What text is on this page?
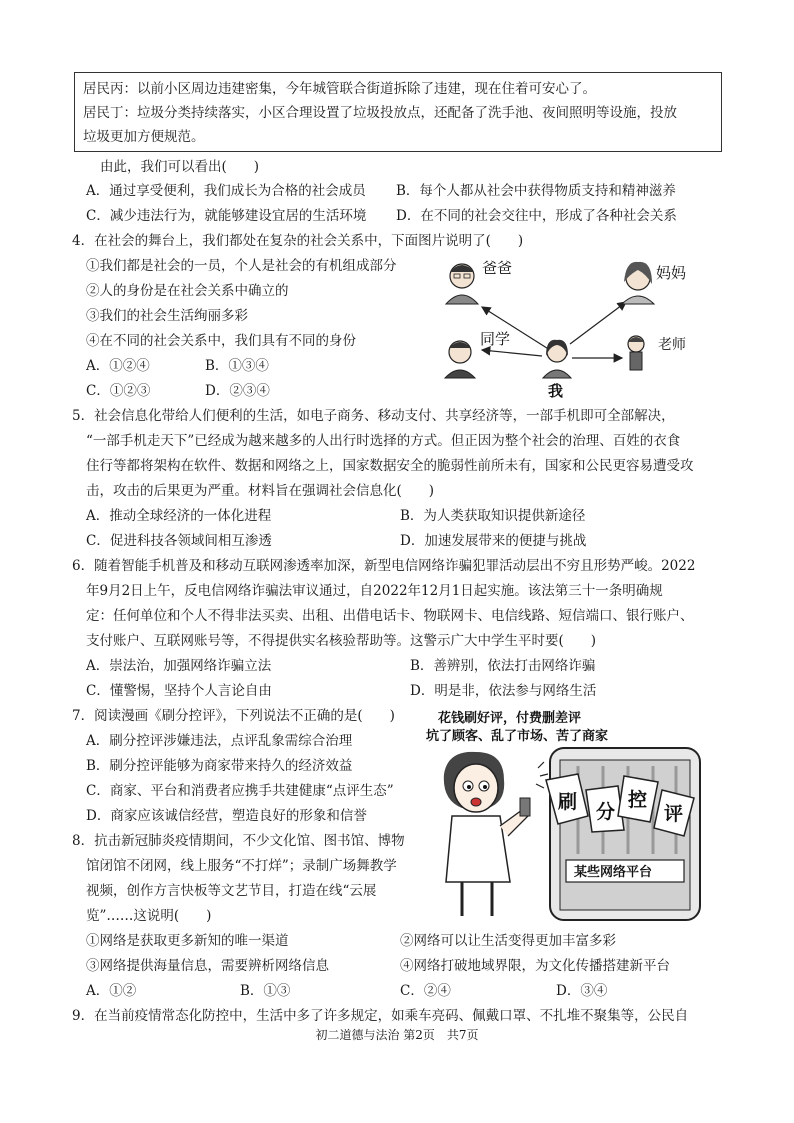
居民丙：以前小区周边违建密集，今年城管联合街道拆除了违建，现在住着可安心了。
居民丁：垃圾分类持续落实，小区合理设置了垃圾投放点，还配备了洗手池、夜间照明等设施，投放
垃圾更加方便规范。
由此，我们可以看出(　　)
A．通过享受便利，我们成长为合格的社会成员 B．每个人都从社会中获得物质支持和精神滋养
C．减少违法行为，就能够建设宜居的生活环境 D．在不同的社会交往中，形成了各种社会关系
4．在社会的舞台上，我们都处在复杂的社会关系中，下面图片说明了(　　)
①我们都是社会的一员，个人是社会的有机组成部分
②人的身份是在社会关系中确立的
③我们的社会生活绚丽多彩
④在不同的社会关系中，我们具有不同的身份
A．①②④	B．①③④
C．①②③	D．②③④
爸爸	妈妈
同学	老师
我
5．社会信息化带给人们便利的生活，如电子商务、移动支付、共享经济等，一部手机即可全部解决，
“一部手机走天下”已经成为越来越多的人出行时选择的方式。但正因为整个社会的治理、百姓的衣食
住行等都将架构在软件、数据和网络之上，国家数据安全的脆弱性前所未有，国家和公民更容易遭受攻
击，攻击的后果更为严重。材料旨在强调社会信息化(　　)
A．推动全球经济的一体化进程	B．为人类获取知识提供新途径
C．促进科技各领域间相互渗透	D．加速发展带来的便捷与挑战
6．随着智能手机普及和移动互联网渗透率加深，新型电信网络诈骗犯罪活动层出不穷且形势严峻。2022
年9月2日上午，反电信网络诈骗法审议通过，自2022年12月1日起实施。该法第三十一条明确规
定：任何单位和个人不得非法买卖、出租、出借电话卡、物联网卡、电信线路、短信端口、银行账户、
支付账户、互联网账号等，不得提供实名核验帮助等。这警示广大中学生平时要(　　)
A．崇法治，加强网络诈骗立法	B．善辨别，依法打击网络诈骗
C．懂警惕，坚持个人言论自由	D．明是非，依法参与网络生活
7．阅读漫画《刷分控评》，下列说法不正确的是(　　)
A．刷分控评涉嫌违法，点评乱象需综合治理
B．刷分控评能够为商家带来持久的经济效益
C．商家、平台和消费者应携手共建健康“点评生态”
D．商家应该诚信经营，塑造良好的形象和信誉
花钱刷好评，付费删差评
坑了顾客、乱了市场、苦了商家
某些网络平台
刷 分
控
评
8．抗击新冠肺炎疫情期间，不少文化馆、图书馆、博物
馆闭馆不闭网，线上服务“不打烊”；录制广场舞教学
视频，创作方言快板等文艺节目，打造在线“云展
览”……这说明(　　)
①网络是获取更多新知的唯一渠道	②网络可以让生活变得更加丰富多彩
③网络提供海量信息，需要辨析网络信息	④网络打破地域界限，为文化传播搭建新平台
A．①②	B．①③	C．②④	D．③④
9．在当前疫情常态化防控中，生活中多了许多规定，如乘车亮码、佩戴口罩、不扎堆不聚集等，公民自
初二道德与法治 第2页　共7页
